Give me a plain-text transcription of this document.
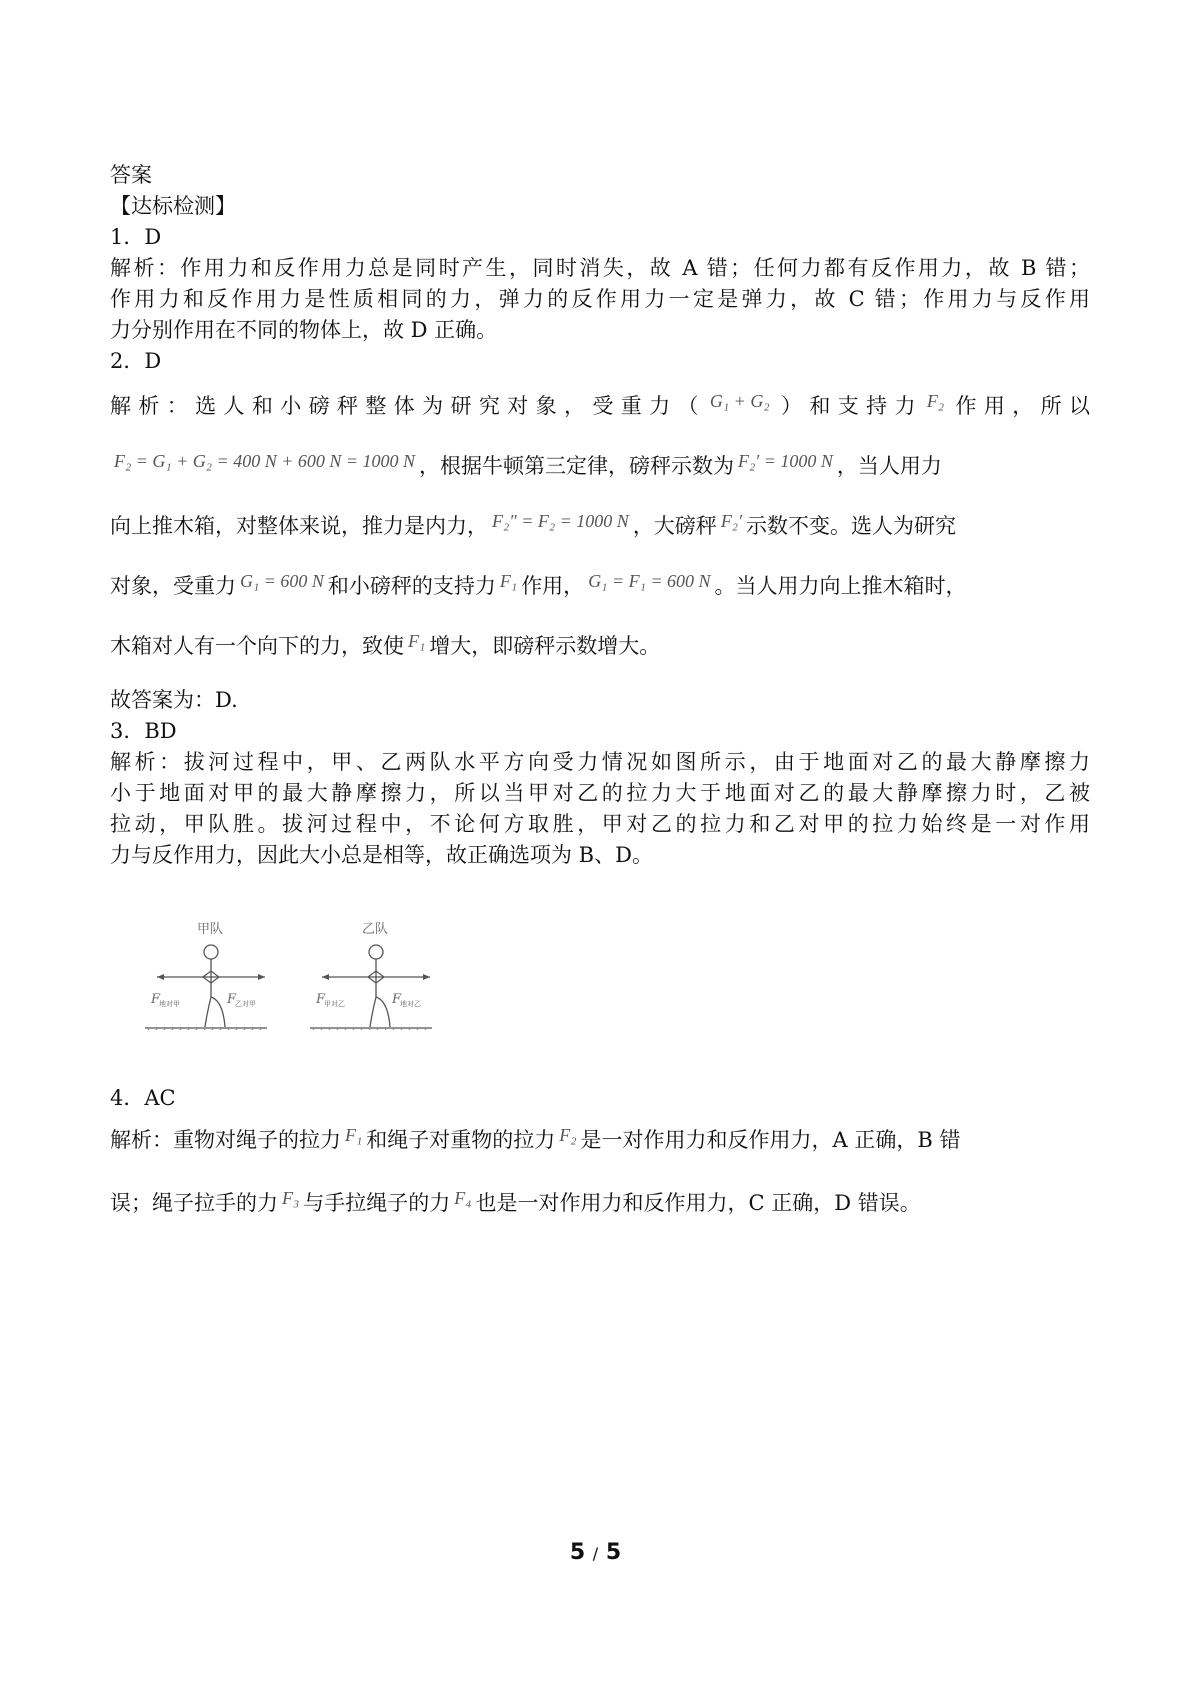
答案
【达标检测】
1．D
解析：作用力和反作用力总是同时产生，同时消失，故 A 错；任何力都有反作用力，故 B 错；
作用力和反作用力是性质相同的力，弹力的反作用力一定是弹力，故 C 错；作用力与反作用
力分别作用在不同的物体上，故 D 正确。
2．D
解析：选人和小磅秤整体为研究对象，受重力（ G₁ + G₂ ）和支持力 F₂ 作用，所以
F₂ = G₁ + G₂ = 400 N + 600 N = 1000 N ，根据牛顿第三定律，磅秤示数为 F₂′ = 1000 N ，当人用力
向上推木箱，对整体来说，推力是内力， F₂″ = F₂ = 1000 N ，大磅秤 F₂′ 示数不变。选人为研究
对象，受重力 G₁ = 600 N 和小磅秤的支持力 F₁ 作用， G₁ = F₁ = 600 N 。当人用力向上推木箱时，
木箱对人有一个向下的力，致使 F₁ 增大，即磅秤示数增大。
故答案为：D.
3．BD
解析：拔河过程中，甲、乙两队水平方向受力情况如图所示，由于地面对乙的最大静摩擦力
小于地面对甲的最大静摩擦力，所以当甲对乙的拉力大于地面对乙的最大静摩擦力时，乙被
拉动，甲队胜。拔河过程中，不论何方取胜，甲对乙的拉力和乙对甲的拉力始终是一对作用
力与反作用力，因此大小总是相等，故正确选项为 B、D。
甲队
F
地对甲	F
乙对甲
乙队
F
甲对乙	F
地对乙
4．AC
解析：重物对绳子的拉力 F₁ 和绳子对重物的拉力 F₂ 是一对作用力和反作用力，A 正确，B 错
误；绳子拉手的力 F₃ 与手拉绳子的力 F₄ 也是一对作用力和反作用力，C 正确，D 错误。
5 / 5
